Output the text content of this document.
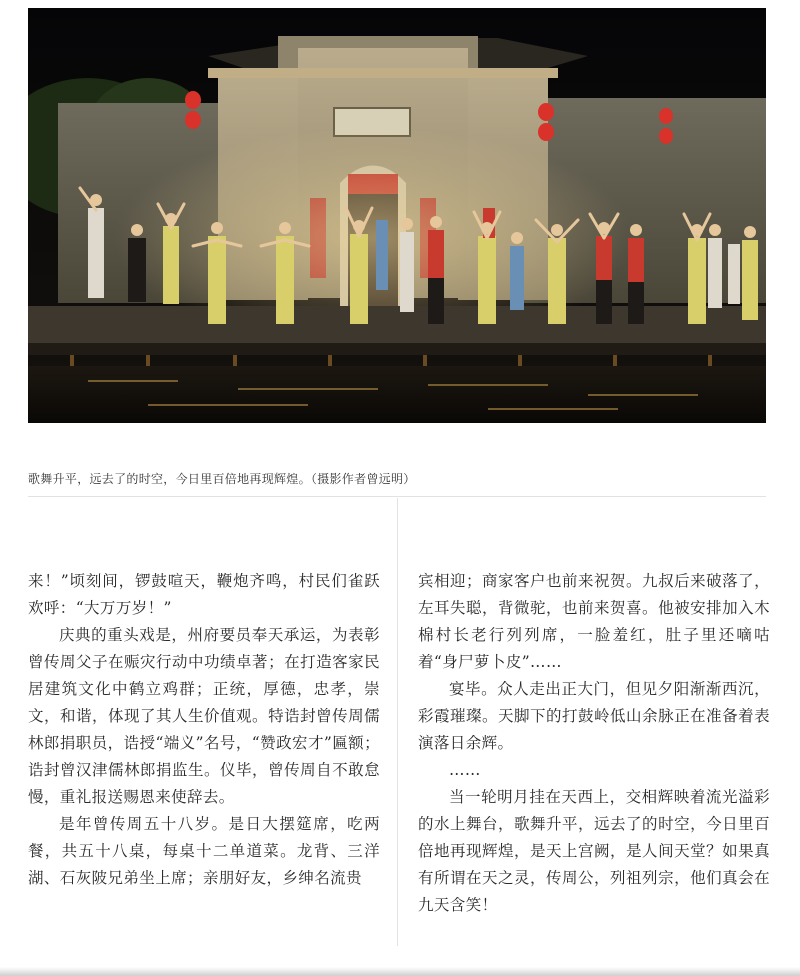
歌舞升平，远去了的时空，今日里百倍地再现辉煌。（摄影作者曾远明）

来！”顷刻间，锣鼓喧天，鞭炮齐鸣，村民们雀跃欢呼：“大万万岁！”

庆典的重头戏是，州府要员奉天承运，为表彰曾传周父子在赈灾行动中功绩卓著；在打造客家民居建筑文化中鹤立鸡群；正统，厚德，忠孝，崇文，和谐，体现了其人生价值观。特诰封曾传周儒林郎捐职员，诰授“端义”名号，“赞政宏才”匾额；诰封曾汉津儒林郎捐监生。仪毕，曾传周自不敢怠慢，重礼报送赐恩来使辞去。

是年曾传周五十八岁。是日大摆筵席，吃两餐，共五十八桌，每桌十二单道菜。龙背、三洋湖、石灰陂兄弟坐上席；亲朋好友，乡绅名流贵

宾相迎；商家客户也前来祝贺。九叔后来破落了，左耳失聪，背微驼，也前来贺喜。他被安排加入木棉村长老行列列席，一脸羞红，肚子里还嘀咕着“身尸萝卜皮”……

宴毕。众人走出正大门，但见夕阳渐渐西沉，彩霞璀璨。天脚下的打鼓岭低山余脉正在准备着表演落日余辉。

……

当一轮明月挂在天西上，交相辉映着流光溢彩的水上舞台，歌舞升平，远去了的时空，今日里百倍地再现辉煌，是天上宫阙，是人间天堂？如果真有所谓在天之灵，传周公，列祖列宗，他们真会在九天含笑！
